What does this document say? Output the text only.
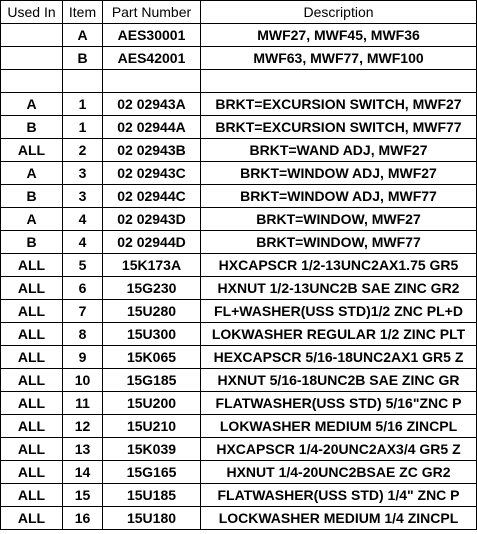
Used In	Item	Part Number	Description
	A	AES30001	MWF27, MWF45, MWF36
	B	AES42001	MWF63, MWF77, MWF100

A	1	02 02943A	BRKT=EXCURSION SWITCH, MWF27
B	1	02 02944A	BRKT=EXCURSION SWITCH, MWF77
ALL	2	02 02943B	BRKT=WAND ADJ, MWF27
A	3	02 02943C	BRKT=WINDOW ADJ, MWF27
B	3	02 02944C	BRKT=WINDOW ADJ, MWF77
A	4	02 02943D	BRKT=WINDOW, MWF27
B	4	02 02944D	BRKT=WINDOW, MWF77
ALL	5	15K173A	HXCAPSCR 1/2-13UNC2AX1.75 GR5
ALL	6	15G230	HXNUT 1/2-13UNC2B SAE ZINC GR2
ALL	7	15U280	FL+WASHER(USS STD)1/2 ZNC PL+D
ALL	8	15U300	LOKWASHER REGULAR 1/2 ZINC PLT
ALL	9	15K065	HEXCAPSCR 5/16-18UNC2AX1 GR5 Z
ALL	10	15G185	HXNUT 5/16-18UNC2B SAE ZINC GR
ALL	11	15U200	FLATWASHER(USS STD) 5/16"ZNC P
ALL	12	15U210	LOKWASHER MEDIUM 5/16 ZINCPL
ALL	13	15K039	HXCAPSCR 1/4-20UNC2AX3/4 GR5 Z
ALL	14	15G165	HXNUT 1/4-20UNC2BSAE ZC GR2
ALL	15	15U185	FLATWASHER(USS STD) 1/4" ZNC P
ALL	16	15U180	LOCKWASHER MEDIUM 1/4 ZINCPL
